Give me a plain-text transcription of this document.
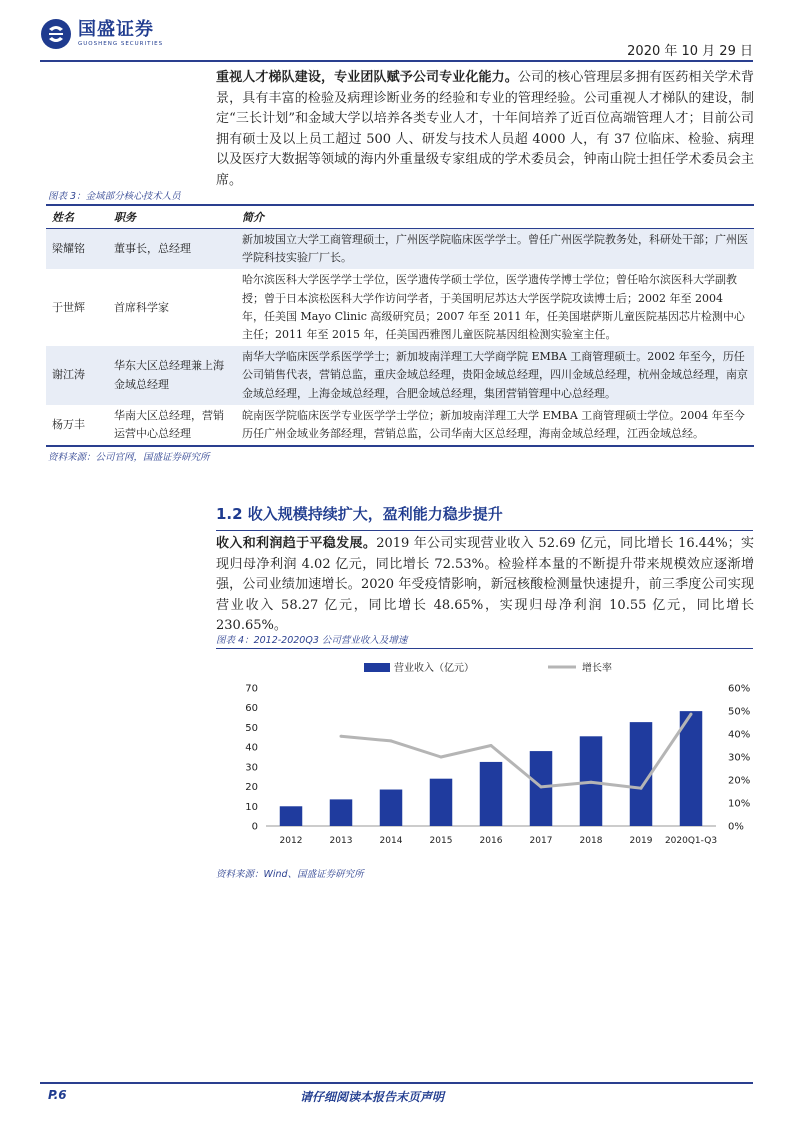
国盛证券
GUOSHENG SECURITIES	2020 年 10 月 29 日
重视人才梯队建设，专业团队赋予公司专业化能力。公司的核心管理层多拥有医药相关学术背景，具有丰富的检验及病理诊断业务的经验和专业的管理经验。公司重视人才梯队的建设，制定“三长计划”和金域大学以培养各类专业人才，十年间培养了近百位高端管理人才；目前公司拥有硕士及以上员工超过 500 人、研发与技术人员超 4000 人，有 37 位临床、检验、病理以及医疗大数据等领域的海内外重量级专家组成的学术委员会，钟南山院士担任学术委员会主席。
图表 3：金域部分核心技术人员
姓名	职务	简介
梁耀铭	董事长，总经理	新加坡国立大学工商管理硕士，广州医学院临床医学学士。曾任广州医学院教务处，科研处干部；广州医学院科技实验厂厂长。
于世辉	首席科学家	哈尔滨医科大学医学学士学位，医学遗传学硕士学位，医学遗传学博士学位；曾任哈尔滨医科大学副教授；曾于日本滨松医科大学作访问学者，于美国明尼苏达大学医学院攻读博士后；2002 年至 2004 年，任美国 Mayo Clinic 高级研究员；2007 年至 2011 年，任美国堪萨斯儿童医院基因芯片检测中心主任；2011 年至 2015 年，任美国西雅图儿童医院基因组检测实验室主任。
谢江涛	华东大区总经理兼上海金域总经理	南华大学临床医学系医学学士；新加坡南洋理工大学商学院 EMBA 工商管理硕士。2002 年至今，历任公司销售代表，营销总监，重庆金域总经理，贵阳金域总经理，四川金域总经理，杭州金域总经理，南京金域总经理，上海金域总经理，合肥金域总经理，集团营销管理中心总经理。
杨万丰	华南大区总经理，营销运营中心总经理	皖南医学院临床医学专业医学学士学位；新加坡南洋理工大学 EMBA 工商管理硕士学位。2004 年至今历任广州金域业务部经理，营销总监，公司华南大区总经理，海南金域总经理，江西金域总经。
资料来源：公司官网，国盛证券研究所
1.2 收入规模持续扩大，盈利能力稳步提升
收入和利润趋于平稳发展。2019 年公司实现营业收入 52.69 亿元，同比增长 16.44%；实现归母净利润 4.02 亿元，同比增长 72.53%。检验样本量的不断提升带来规模效应逐渐增强，公司业绩加速增长。2020 年受疫情影响，新冠核酸检测量快速提升，前三季度公司实现营业收入 58.27 亿元，同比增长 48.65%，实现归母净利润 10.55 亿元，同比增长 230.65%。
图表 4：2012-2020Q3 公司营业收入及增速
营业收入（亿元）	增长率
0
10
20
30
40
50
60
70
0%
10%
20%
30%
40%
50%
60%
2012	2013	2014	2015	2016	2017	2018	2019 2020Q1-Q3
资料来源：Wind、国盛证券研究所
P.6	请仔细阅读本报告末页声明
